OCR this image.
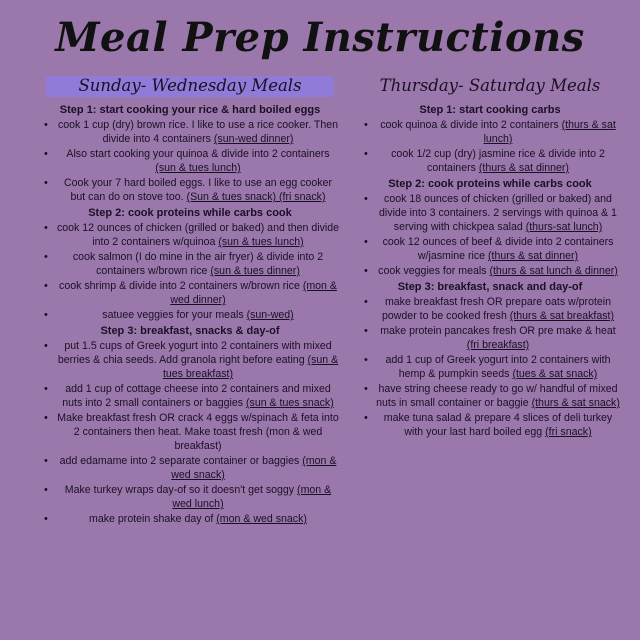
Meal Prep Instructions
Sunday- Wednesday Meals
Step 1: start cooking your rice & hard boiled eggs
• cook 1 cup (dry) brown rice. I like to use a rice cooker. Then divide into 4 containers (sun-wed dinner)
• Also start cooking your quinoa & divide into 2 containers (sun & tues lunch)
• Cook your 7 hard boiled eggs. I like to use an egg cooker but can do on stove too. (Sun & tues snack) (fri snack)
Step 2: cook proteins while carbs cook
• cook 12 ounces of chicken (grilled or baked) and then divide into 2 containers w/quinoa (sun & tues lunch)
• cook salmon (I do mine in the air fryer) & divide into 2 containers w/brown rice (sun & tues dinner)
• cook shrimp & divide into 2 containers w/brown rice (mon & wed dinner)
• satuee veggies for your meals (sun-wed)
Step 3: breakfast, snacks & day-of
• put 1.5 cups of Greek yogurt into 2 containers with mixed berries & chia seeds. Add granola right before eating (sun & tues breakfast)
• add 1 cup of cottage cheese into 2 containers and mixed nuts into 2 small containers or baggies (sun & tues snack)
• Make breakfast fresh OR crack 4 eggs w/spinach & feta into 2 containers then heat. Make toast fresh (mon & wed breakfast)
• add edamame into 2 separate container or baggies (mon & wed snack)
• Make turkey wraps day-of so it doesn't get soggy (mon & wed lunch)
• make protein shake day of (mon & wed snack)
Thursday- Saturday Meals
Step 1: start cooking carbs
• cook quinoa & divide into 2 containers (thurs & sat lunch)
• cook 1/2 cup (dry) jasmine rice & divide into 2 containers (thurs & sat dinner)
Step 2: cook proteins while carbs cook
• cook 18 ounces of chicken (grilled or baked) and divide into 3 containers. 2 servings with quinoa & 1 serving with chickpea salad (thurs-sat lunch)
• cook 12 ounces of beef & divide into 2 containers w/jasmine rice (thurs & sat dinner)
• cook veggies for meals (thurs & sat lunch & dinner)
Step 3: breakfast, snack and day-of
• make breakfast fresh OR prepare oats w/protein powder to be cooked fresh (thurs & sat breakfast)
• make protein pancakes fresh OR pre make & heat (fri breakfast)
• add 1 cup of Greek yogurt into 2 containers with hemp & pumpkin seeds (tues & sat snack)
• have string cheese ready to go w/ handful of mixed nuts in small container or baggie (thurs & sat snack)
• make tuna salad & prepare 4 slices of deli turkey with your last hard boiled egg (fri snack)
